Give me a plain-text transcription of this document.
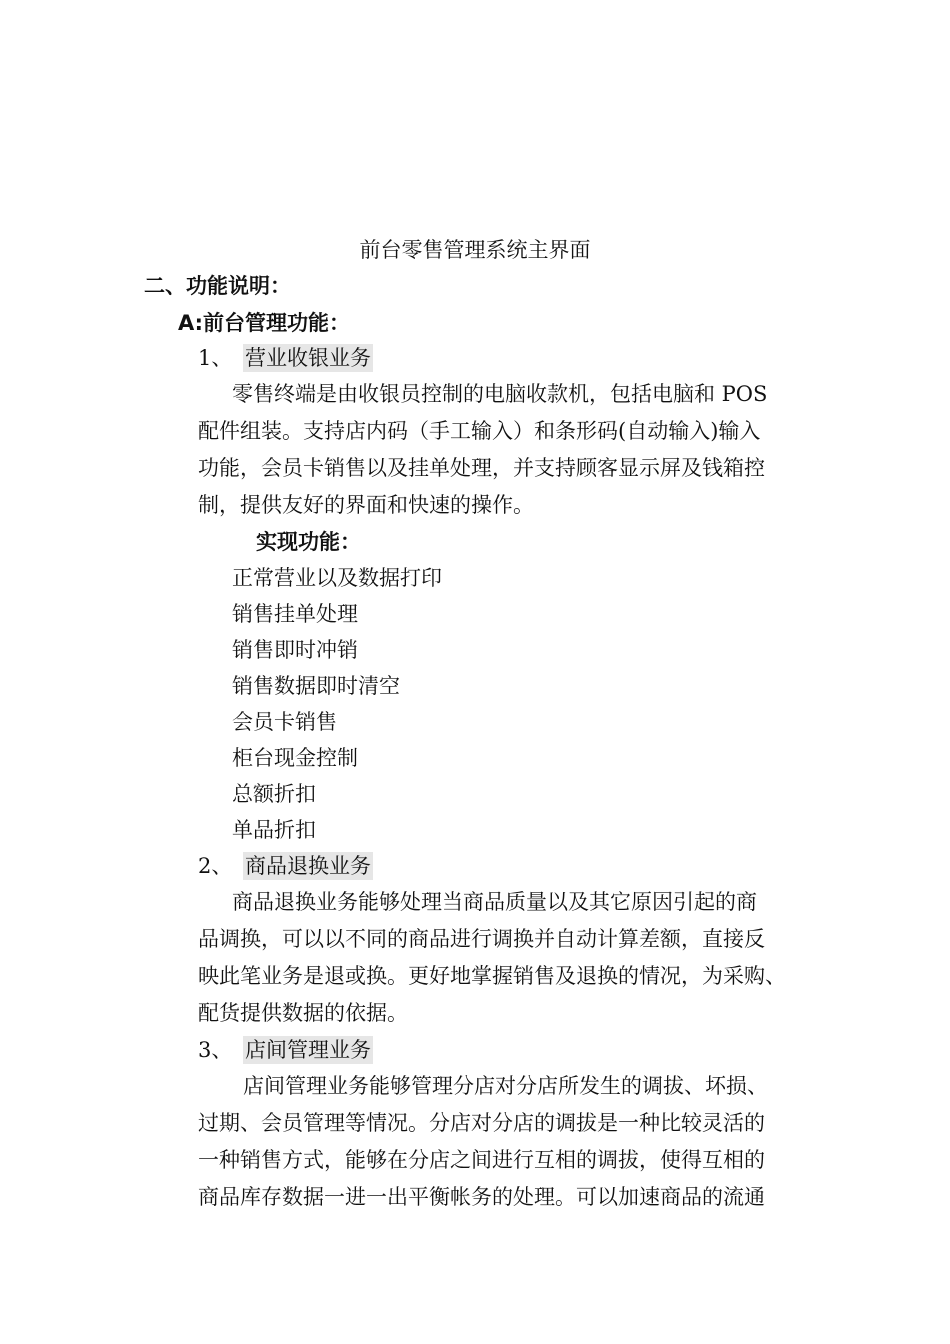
前台零售管理系统主界面
二、功能说明：
A:前台管理功能：
1、 营业收银业务
零售终端是由收银员控制的电脑收款机，包括电脑和 POS
配件组装。支持店内码（手工输入）和条形码(自动输入)输入
功能，会员卡销售以及挂单处理，并支持顾客显示屏及钱箱控
制，提供友好的界面和快速的操作。
实现功能：
正常营业以及数据打印
销售挂单处理
销售即时冲销
销售数据即时清空
会员卡销售
柜台现金控制
总额折扣
单品折扣
2、 商品退换业务
商品退换业务能够处理当商品质量以及其它原因引起的商
品调换，可以以不同的商品进行调换并自动计算差额，直接反
映此笔业务是退或换。更好地掌握销售及退换的情况，为采购、
配货提供数据的依据。
3、 店间管理业务
店间管理业务能够管理分店对分店所发生的调拔、坏损、
过期、会员管理等情况。分店对分店的调拔是一种比较灵活的
一种销售方式，能够在分店之间进行互相的调拔，使得互相的
商品库存数据一进一出平衡帐务的处理。可以加速商品的流通
